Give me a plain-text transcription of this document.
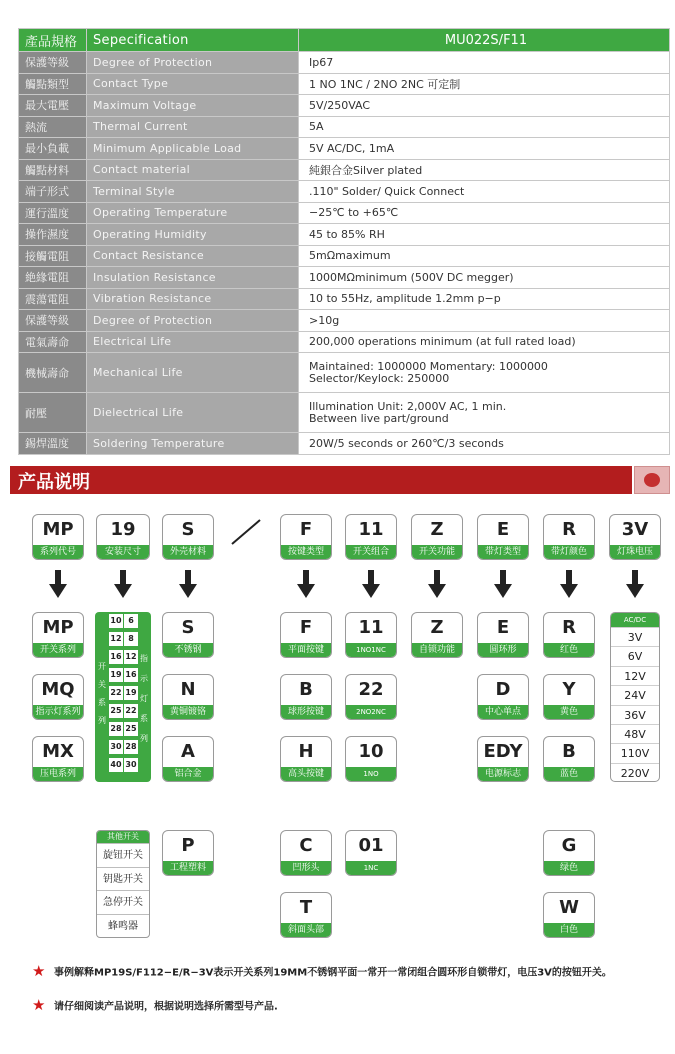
產品規格	Sepecification	MU022S/F11
保護等級	Degree of Protection	Ip67
觸點類型	Contact Type	1 NO 1NC / 2NO 2NC 可定制
最大電壓	Maximum Voltage	5V/250VAC
熱流	Thermal Current	5A
最小負載	Minimum Applicable Load	5V AC/DC, 1mA
觸點材料	Contact material	純銀合金Silver plated
端子形式	Terminal Style	.110" Solder/ Quick Connect
運行溫度	Operating Temperature	−25℃ to +65℃
操作濕度	Operating Humidity	45 to 85% RH
接觸電阻	Contact Resistance	5mΩmaximum
絶緣電阻	Insulation Resistance	1000MΩminimum (500V DC megger)
震蕩電阻	Vibration Resistance	10 to 55Hz, amplitude 1.2mm p−p
保護等級	Degree of Protection	>10g
電氣壽命	Electrical Life	200,000 operations minimum (at full rated load)
機械壽命	Mechanical Life	Maintained: 1000000 Momentary: 1000000
Selector/Keylock: 250000

耐壓	Dielectrical Life	Illumination Unit: 2,000V AC, 1 min.
Between live part/ground

錫焊溫度	Soldering Temperature	20W/5 seconds or 260℃/3 seconds
产品说明
MP
系列代号
19
安装尺寸
S
外壳材料
F
按键类型
11
开关组合
Z
开关功能
E
带灯类型
R
带灯颜色
3V
灯珠电压
MP
开关系列
MQ
指示灯系列
MX
压电系列
10 6
12 8
16 12
19 16
22 19
25 22
28 25
30 28
40 30
开
关
系
列
指
示
灯
系
列
S
不锈钢
N
黄铜镀铬
A
铝合金
P
工程塑料
F
平面按键
B
球形按键
H
高头按键
C
凹形头
T
斜面头部
11
1NO1NC
22
2NO2NC
10
1NO
01
1NC
Z
自锁功能
E
圆环形
D
中心单点
EDY
电源标志
R
红色
Y
黄色
B
蓝色
G
绿色
W
白色
AC/DC
3V
6V
12V
24V
36V
48V
110V
220V
其他开关
旋钮开关
钥匙开关
急停开关
蜂鸣器
★ 事例解释MP19S/F112−E/R−3V表示开关系列19MM不锈钢平面一常开一常闭组合圆环形自锁带灯，电压3V的按钮开关。
★ 请仔细阅读产品说明，根据说明选择所需型号产品.
